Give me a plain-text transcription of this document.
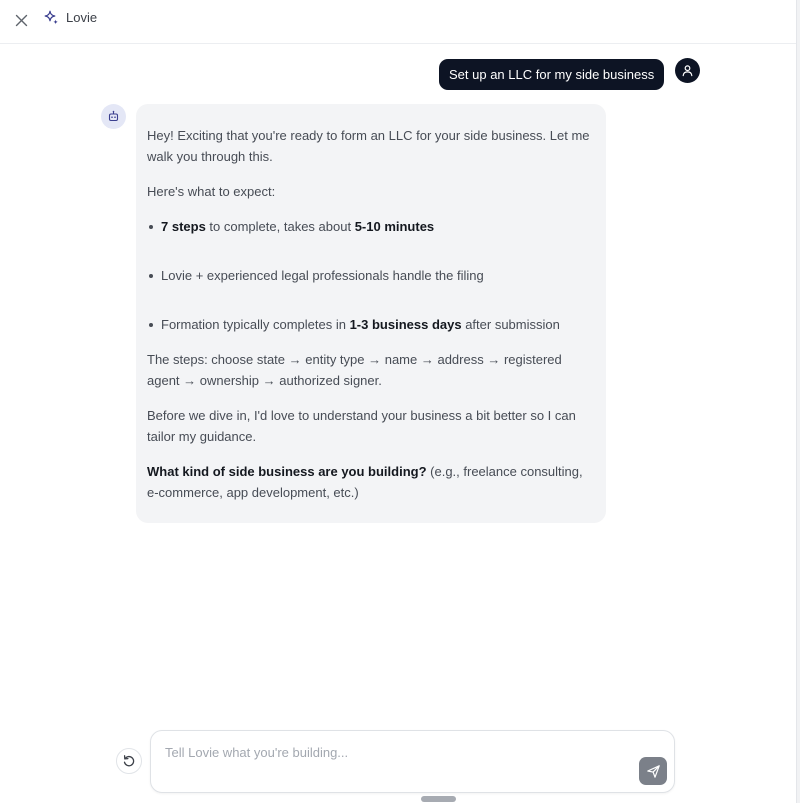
Lovie
Set up an LLC for my side business

Hey! Exciting that you're ready to form an LLC for your side business. Let me walk you through this.

Here's what to expect:

7 steps to complete, takes about 5-10 minutes
Lovie + experienced legal professionals handle the filing
Formation typically completes in 1-3 business days after submission

The steps: choose state → entity type → name → address → registered agent → ownership → authorized signer.

Before we dive in, I'd love to understand your business a bit better so I can tailor my guidance.

What kind of side business are you building? (e.g., freelance consulting, e-commerce, app development, etc.)

Tell Lovie what you're building...
